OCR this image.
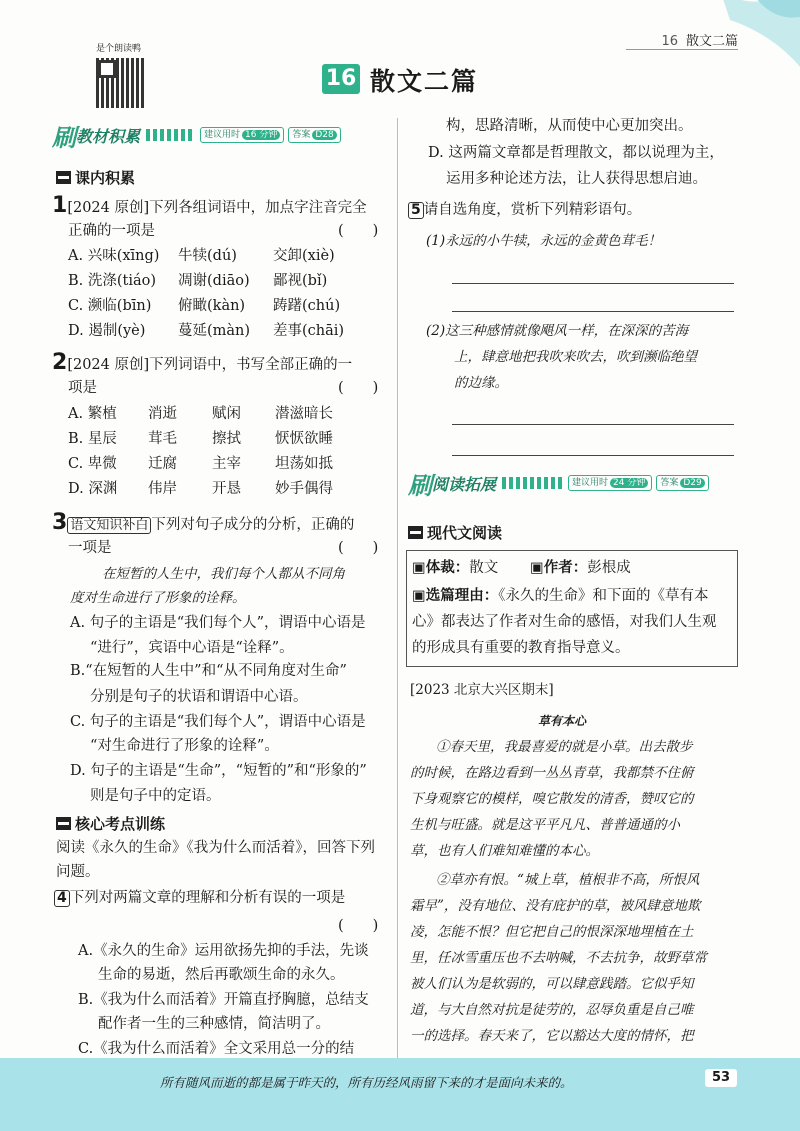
16 散文二篇
是个朗读鸭
16 散文二篇
刷 教材积累	建议用时 16 分钟	答案 D28
课内积累
1[2024 原创]下列各组词语中，加点字注音完全
正确的一项是	(　　)
A. 兴味(xīng) 牛犊(dú) 交卸(xiè)
B. 洗涤(tiáo) 凋谢(diāo) 鄙视(bǐ)
C. 濒临(bīn) 俯瞰(kàn) 踌躇(chú)
D. 遏制(yè) 蔓延(màn) 差事(chāi)
2[2024 原创]下列词语中，书写全部正确的一
项是	(　　)
A. 繁植 消逝 赋闲 潜滋暗长
B. 星辰 茸毛 擦拭 恹恹欲睡
C. 卑微 迁腐 主宰 坦荡如抵
D. 深渊 伟岸 开恳 妙手偶得
3 语文知识补白 下列对句子成分的分析，正确的
一项是	(　　)
在短暂的人生中，我们每个人都从不同角
度对生命进行了形象的诠释。
A. 句子的主语是“我们每个人”，谓语中心语是
“进行”，宾语中心语是“诠释”。
B.“在短暂的人生中”和“从不同角度对生命”
分别是句子的状语和谓语中心语。
C. 句子的主语是“我们每个人”，谓语中心语是
“对生命进行了形象的诠释”。
D. 句子的主语是“生命”，“短暂的”和“形象的”
则是句子中的定语。
核心考点训练
阅读《永久的生命》《我为什么而活着》，回答下列
问题。
4 下列对两篇文章的理解和分析有误的一项是
(　　)
A.《永久的生命》运用欲扬先抑的手法，先谈
生命的易逝，然后再歌颂生命的永久。
B.《我为什么而活着》开篇直抒胸臆，总结支
配作者一生的三种感情，简洁明了。
C.《我为什么而活着》全文采用总一分的结
构，思路清晰，从而使中心更加突出。
D. 这两篇文章都是哲理散文，都以说理为主，
运用多种论述方法，让人获得思想启迪。
5 请自选角度，赏析下列精彩语句。
(1)永远的小牛犊，永远的金黄色茸毛！
(2)这三种感情就像飓风一样，在深深的苦海
上，肆意地把我吹来吹去，吹到濒临绝望
的边缘。
刷 阅读拓展	建议用时 24 分钟	答案 D29
现代文阅读
▣体裁：散文 ▣作者：彭根成
▣选篇理由：《永久的生命》和下面的《草有本
心》都表达了作者对生命的感悟，对我们人生观
的形成具有重要的教育指导意义。
[2023 北京大兴区期末]
草有本心
①春天里，我最喜爱的就是小草。出去散步
的时候，在路边看到一丛丛青草，我都禁不住俯
下身观察它的模样，嗅它散发的清香，赞叹它的
生机与旺盛。就是这平平凡凡、普普通通的小
草，也有人们难知难懂的本心。
②草亦有恨。“城上草，植根非不高，所恨风
霜早”，没有地位、没有庇护的草，被风肆意地欺
凌，怎能不恨？但它把自己的恨深深地埋植在土
里，任冰雪重压也不去呐喊，不去抗争，故野草常
被人们认为是软弱的，可以肆意践踏。它似乎知
道，与大自然对抗是徒劳的，忍辱负重是自己唯
一的选择。春天来了，它以豁达大度的情怀，把
所有随风而逝的都是属于昨天的，所有历经风雨留下来的才是面向未来的。	53
